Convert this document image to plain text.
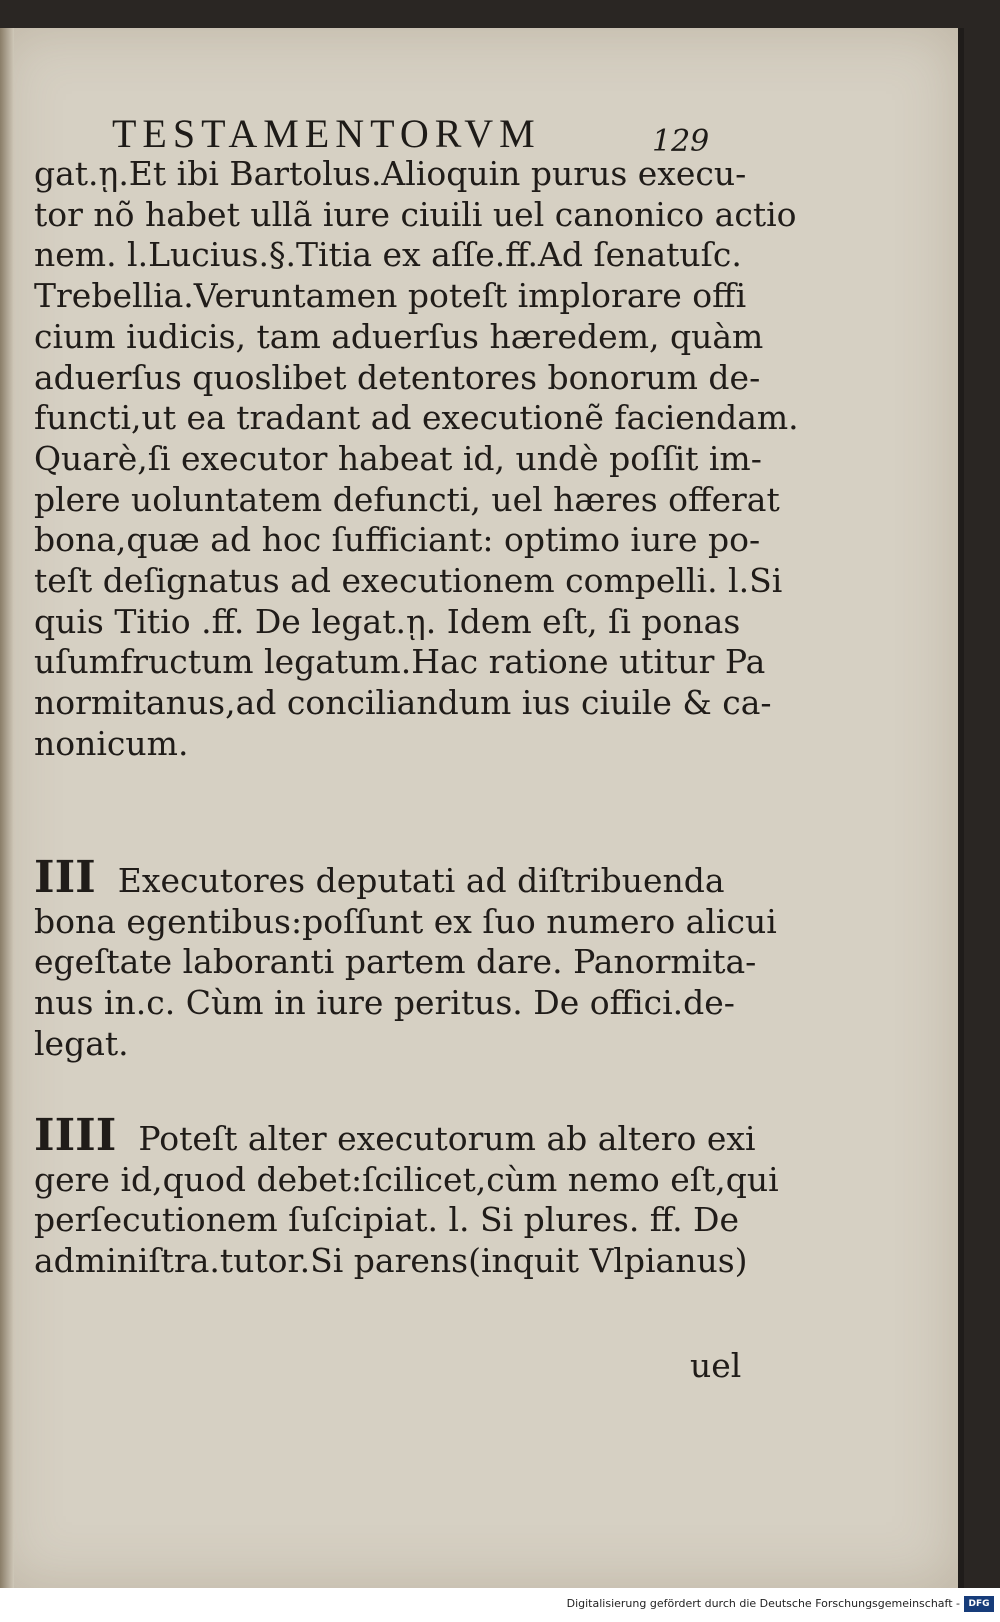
TESTAMENTORVM	129
gat.ῃ.Et ibi Bartolus.Alioquin purus execu-
tor nõ habet ullã iure ciuili uel canonico actio
nem. l.Lucius.§.Titia ex aſſe.ff.Ad ſenatuſc.
Trebellia.Veruntamen poteſt implorare offi
cium iudicis, tam aduerſus hæredem, quàm
aduerſus quoslibet detentores bonorum de-
functi,ut ea tradant ad executionẽ faciendam.
Quarè,ſi executor habeat id, undè poſſit im-
plere uoluntatem defuncti, uel hæres offerat
bona,quæ ad hoc ſufficiant: optimo iure po-
teſt deſignatus ad executionem compelli. l.Si
quis Titio .ff. De legat.ῃ. Idem eſt, ſi ponas
uſumfructum legatum.Hac ratione utitur Pa
normitanus,ad conciliandum ius ciuile & ca-
nonicum.
III Executores deputati ad diſtribuenda
bona egentibus:poſſunt ex ſuo numero alicui
egeſtate laboranti partem dare. Panormita-
nus in.c. Cùm in iure peritus. De offici.de-
legat.
IIII Poteſt alter executorum ab altero exi
gere id,quod debet:ſcilicet,cùm nemo eſt,qui
perſecutionem ſuſcipiat. l. Si plures. ff. De
adminiſtra.tutor.Si parens(inquit Vlpianus)
uel
Digitalisierung gefördert durch die Deutsche Forschungsgemeinschaft - DFG
